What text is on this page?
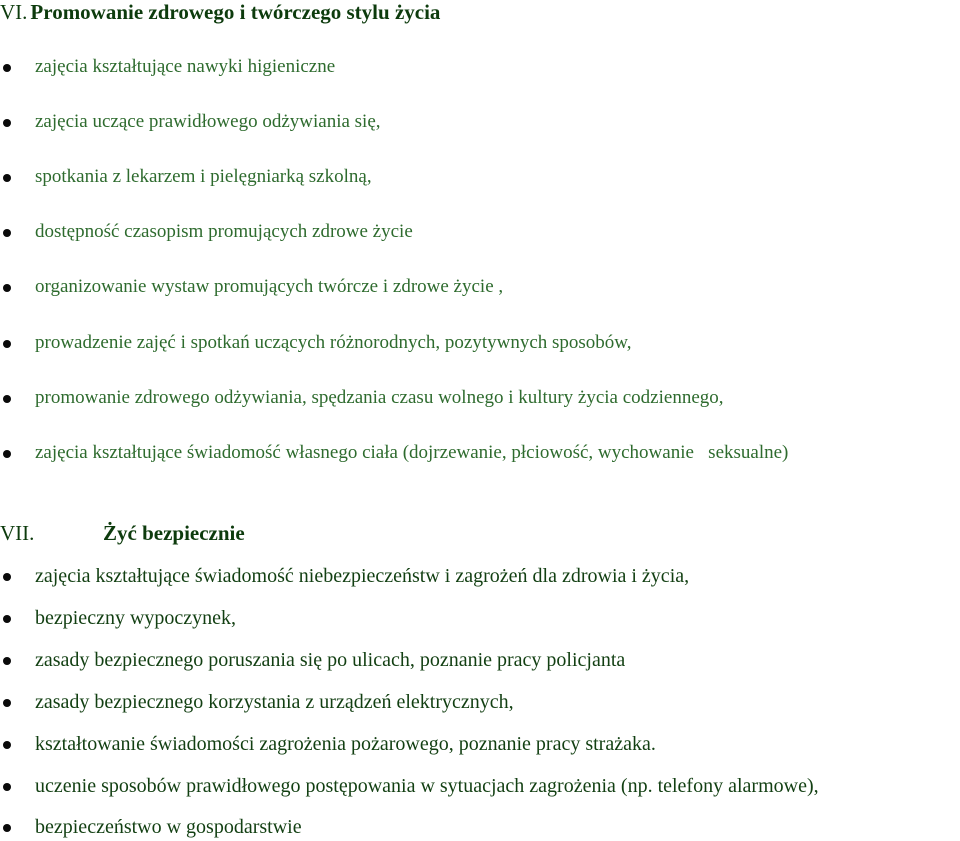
VI. Promowanie zdrowego i twórczego stylu życia
zajęcia kształtujące nawyki higieniczne
zajęcia uczące prawidłowego odżywiania się,
spotkania z lekarzem i pielęgniarką szkolną,
dostępność czasopism promujących zdrowe życie
organizowanie wystaw promujących twórcze i zdrowe życie ,
prowadzenie zajęć i spotkań uczących różnorodnych, pozytywnych sposobów,
promowanie zdrowego odżywiania, spędzania czasu wolnego i kultury życia codziennego,
zajęcia kształtujące świadomość własnego ciała (dojrzewanie, płciowość, wychowanie   seksualne)
VII.	Żyć bezpiecznie
zajęcia kształtujące świadomość niebezpieczeństw i zagrożeń dla zdrowia i życia,
bezpieczny wypoczynek,
zasady bezpiecznego poruszania się po ulicach, poznanie pracy policjanta
zasady bezpiecznego korzystania z urządzeń elektrycznych,
kształtowanie świadomości zagrożenia pożarowego, poznanie pracy strażaka.
uczenie sposobów prawidłowego postępowania w sytuacjach zagrożenia (np. telefony alarmowe),
bezpieczeństwo w gospodarstwie
